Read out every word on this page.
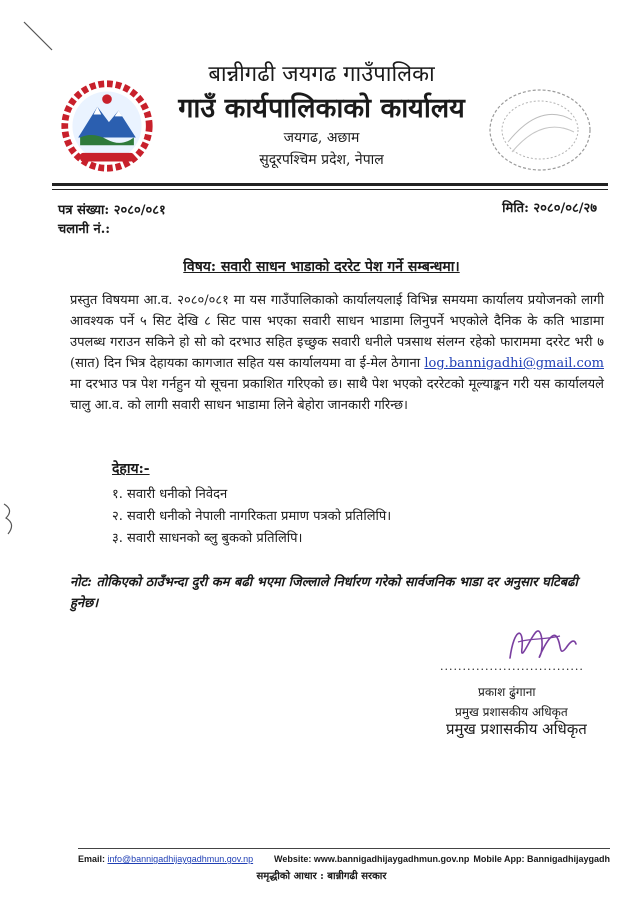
बान्नीगढी जयगढ गाउँपालिका
गाउँ कार्यपालिकाको कार्यालय
जयगढ, अछाम
सुदूरपश्चिम प्रदेश, नेपाल
पत्र संख्या: २०८०/०८१
चलानी नं.:
मिति: २०८०/०८/२७
विषय: सवारी साधन भाडाको दररेट पेश गर्ने सम्बन्धमा।
प्रस्तुत विषयमा आ.व. २०८०/०८१ मा यस गाउँपालिकाको कार्यालयलाई विभिन्न समयमा कार्यालय प्रयोजनको लागी आवश्यक पर्ने ५ सिट देखि ८ सिट पास भएका सवारी साधन भाडामा लिनुपर्ने भएकोले दैनिक के कति भाडामा उपलब्ध गराउन सकिने हो सो को दरभाउ सहित इच्छुक सवारी धनीले पत्रसाथ संलग्न रहेको फाराममा दररेट भरी ७ (सात) दिन भित्र देहायका कागजात सहित यस कार्यालयमा वा ई-मेल ठेगाना log.bannigadhi@gmail.com मा दरभाउ पत्र पेश गर्नहुन यो सूचना प्रकाशित गरिएको छ। साथै पेश भएको दररेटको मूल्याङ्कन गरी यस कार्यालयले चालु आ.व. को लागी सवारी साधन भाडामा लिने बेहोरा जानकारी गरिन्छ।
देहाय:-
१. सवारी धनीको निवेदन
२. सवारी धनीको नेपाली नागरिकता प्रमाण पत्रको प्रतिलिपि।
३. सवारी साधनको ब्लु बुकको प्रतिलिपि।
नोट: तोकिएको ठाउँभन्दा दुरी कम बढी भएमा जिल्लाले निर्धारण गरेको सार्वजनिक भाडा दर अनुसार घटिबढी हुनेछ।
................................
प्रकाश ढुंगाना
प्रमुख प्रशासकीय अधिकृत
प्रमुख प्रशासकीय अधिकृत
Email: info@bannigadhijaygadhmun.gov.np Website: www.bannigadhijaygadhmun.gov.np Mobile App: Bannigadhijaygadh
समृद्धीको आधार : बान्नीगढी सरकार
